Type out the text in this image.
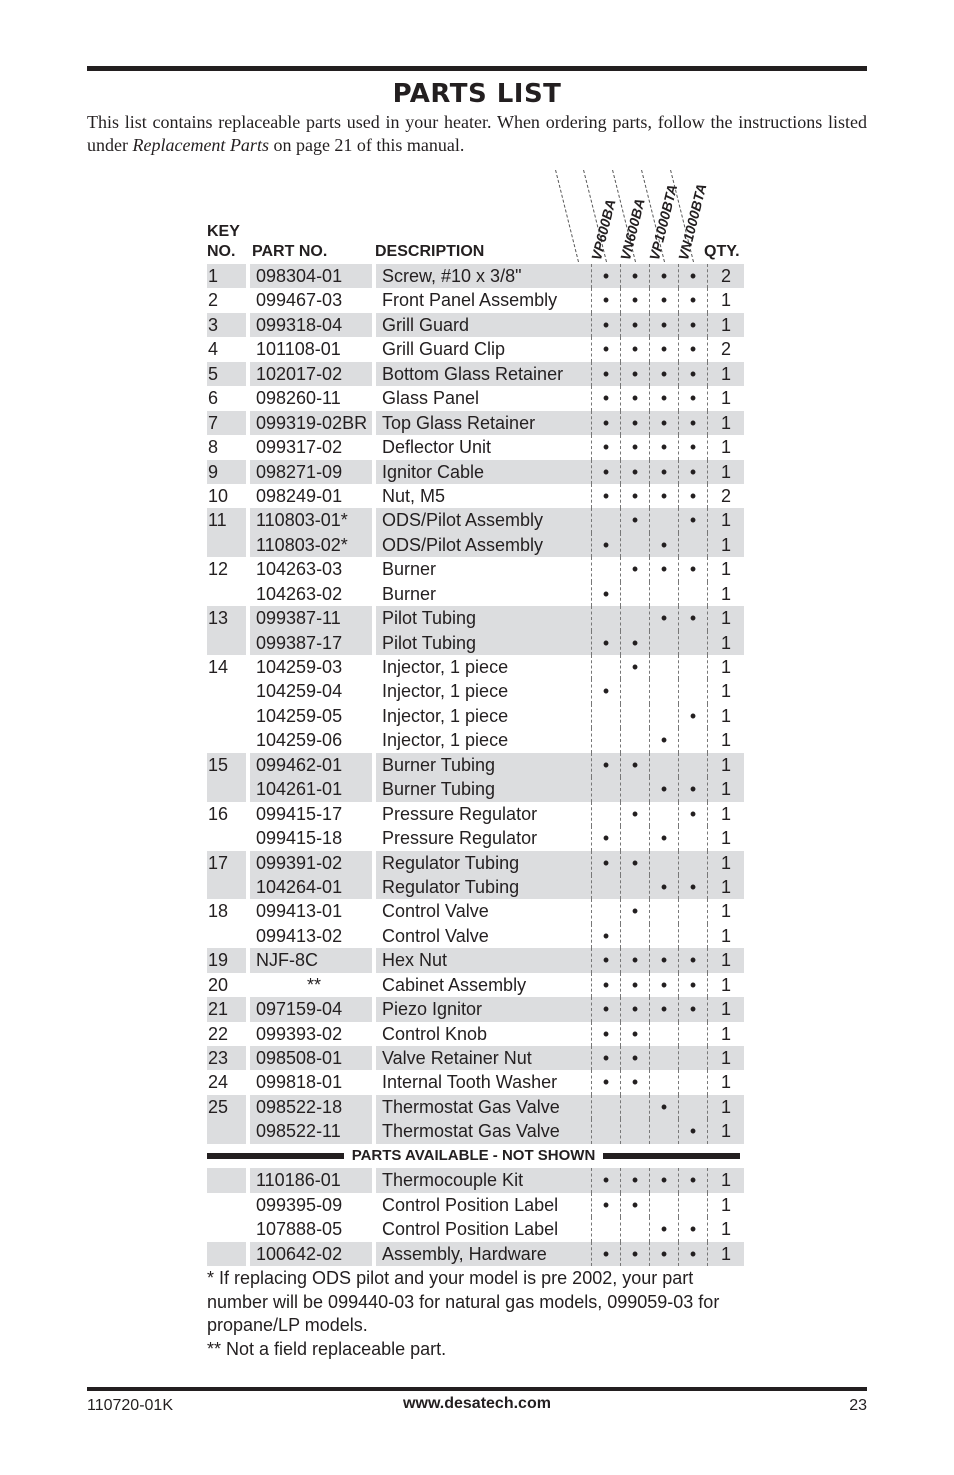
PARTS LIST
This list contains replaceable parts used in your heater. When ordering parts, follow the instructions listed under Replacement Parts on page 21 of this manual.
KEY
NO. PART NO.	DESCRIPTION	QTY.
VP600BA
VN600BA
VP1000BTA
VN1000BTA
1	098304-01	Screw, #10 x 3/8"	•	•	•	•	2
2	099467-03	Front Panel Assembly	•	•	•	•	1
3	099318-04	Grill Guard	•	•	•	•	1
4	101108-01	Grill Guard Clip	•	•	•	•	2
5	102017-02	Bottom Glass Retainer	•	•	•	•	1
6	098260-11	Glass Panel	•	•	•	•	1
7	099319-02BR	Top Glass Retainer	•	•	•	•	1
8	099317-02	Deflector Unit	•	•	•	•	1
9	098271-09	Ignitor Cable	•	•	•	•	1
10	098249-01	Nut, M5	•	•	•	•	2
11	110803-01*	ODS/Pilot Assembly		•		•	1
	110803-02*	ODS/Pilot Assembly	•		•		1
12	104263-03	Burner		•	•	•	1
	104263-02	Burner	•				1
13	099387-11	Pilot Tubing			•	•	1
	099387-17	Pilot Tubing	•	•			1
14	104259-03	Injector, 1 piece		•			1
	104259-04	Injector, 1 piece	•				1
	104259-05	Injector, 1 piece				•	1
	104259-06	Injector, 1 piece			•		1
15	099462-01	Burner Tubing	•	•			1
	104261-01	Burner Tubing			•	•	1
16	099415-17	Pressure Regulator		•		•	1
	099415-18	Pressure Regulator	•		•		1
17	099391-02	Regulator Tubing	•	•			1
	104264-01	Regulator Tubing			•	•	1
18	099413-01	Control Valve		•			1
	099413-02	Control Valve	•				1
19	NJF-8C	Hex Nut	•	•	•	•	1
20	**	Cabinet Assembly	•	•	•	•	1
21	097159-04	Piezo Ignitor	•	•	•	•	1
22	099393-02	Control Knob	•	•			1
23	098508-01	Valve Retainer Nut	•	•			1
24	099818-01	Internal Tooth Washer	•	•			1
25	098522-18	Thermostat Gas Valve			•		1
	098522-11	Thermostat Gas Valve				•	1

PARTS AVAILABLE - NOT SHOWN							

	110186-01	Thermocouple Kit	•	•	•	•	1
	099395-09	Control Position Label	•	•			1
	107888-05	Control Position Label			•	•	1
	100642-02	Assembly, Hardware	•	•	•	•	1
* If replacing ODS pilot and your model is pre 2002, your part number will be 099440-03 for natural gas models, 099059-03 for propane/LP models.
** Not a field replaceable part.
110720-01K	www.desatech.com	23
